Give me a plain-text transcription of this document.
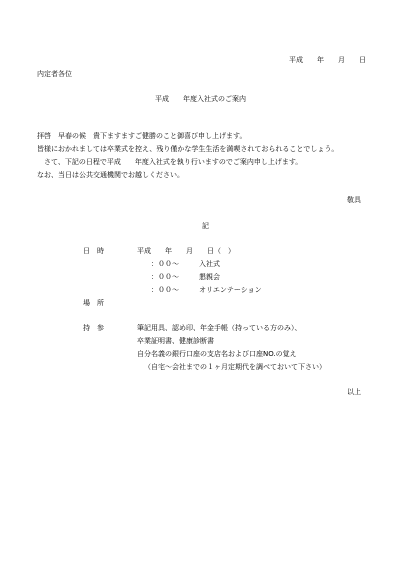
平成　　年　　月　　日
内定者各位
平成　　年度入社式のご案内
拝啓　早春の候　貴下ますますご健勝のこと御喜び申し上げます。
皆様におかれましては卒業式を控え、残り僅かな学生生活を満喫されておられることでしょう。
　さて、下記の日程で平成　　年度入社式を執り行いますのでご案内申し上げます。
なお、当日は公共交通機関でお越しください。
敬具
記
日　時	平成　　年　　月　　日（　）
：００～	入社式
：００～	懇親会
：００～	オリエンテーション
場　所
持　参	筆記用具、認め印、年金手帳（持っている方のみ）、
卒業証明書、健康診断書
自分名義の銀行口座の支店名および口座NO.の覚え
（自宅～会社までの１ヶ月定期代を調べておいて下さい）
以上
